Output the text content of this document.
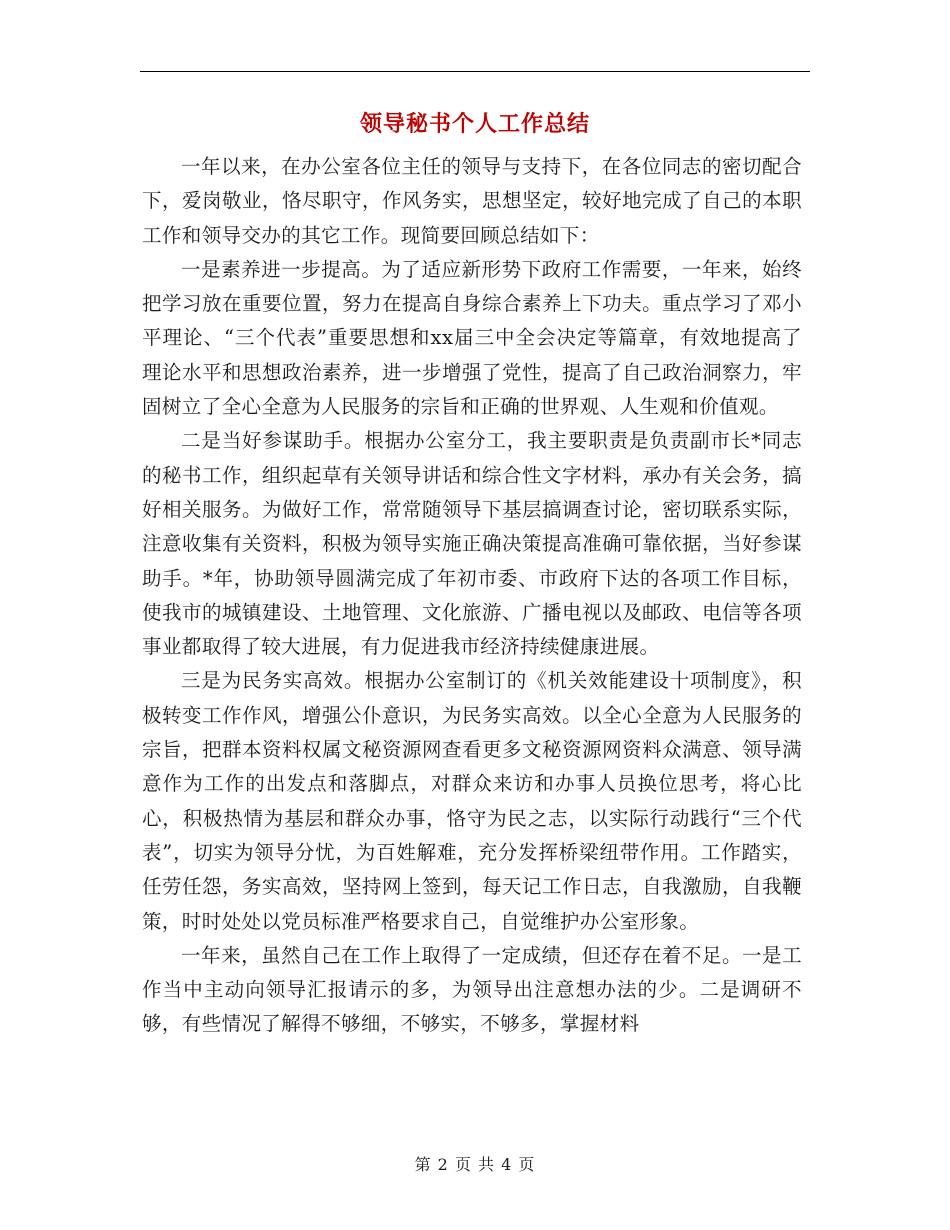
领导秘书个人工作总结

一年以来，在办公室各位主任的领导与支持下，在各位同志的密切配合下，爱岗敬业，恪尽职守，作风务实，思想坚定，较好地完成了自己的本职工作和领导交办的其它工作。现简要回顾总结如下：

一是素养进一步提高。为了适应新形势下政府工作需要，一年来，始终把学习放在重要位置，努力在提高自身综合素养上下功夫。重点学习了邓小平理论、“三个代表”重要思想和xx届三中全会决定等篇章，有效地提高了理论水平和思想政治素养，进一步增强了党性，提高了自己政治洞察力，牢固树立了全心全意为人民服务的宗旨和正确的世界观、人生观和价值观。

二是当好参谋助手。根据办公室分工，我主要职责是负责副市长*同志的秘书工作，组织起草有关领导讲话和综合性文字材料，承办有关会务，搞好相关服务。为做好工作，常常随领导下基层搞调查讨论，密切联系实际，注意收集有关资料，积极为领导实施正确决策提高准确可靠依据，当好参谋助手。*年，协助领导圆满完成了年初市委、市政府下达的各项工作目标，使我市的城镇建设、土地管理、文化旅游、广播电视以及邮政、电信等各项事业都取得了较大进展，有力促进我市经济持续健康进展。

三是为民务实高效。根据办公室制订的《机关效能建设十项制度》，积极转变工作作风，增强公仆意识，为民务实高效。以全心全意为人民服务的宗旨，把群本资料权属文秘资源网查看更多文秘资源网资料众满意、领导满意作为工作的出发点和落脚点，对群众来访和办事人员换位思考，将心比心，积极热情为基层和群众办事，恪守为民之志，以实际行动践行“三个代表”，切实为领导分忧，为百姓解难，充分发挥桥梁纽带作用。工作踏实，任劳任怨，务实高效，坚持网上签到，每天记工作日志，自我激励，自我鞭策，时时处处以党员标准严格要求自己，自觉维护办公室形象。

一年来，虽然自己在工作上取得了一定成绩，但还存在着不足。一是工作当中主动向领导汇报请示的多，为领导出注意想办法的少。二是调研不够，有些情况了解得不够细，不够实，不够多，掌握材料

第 2 页 共 4 页
